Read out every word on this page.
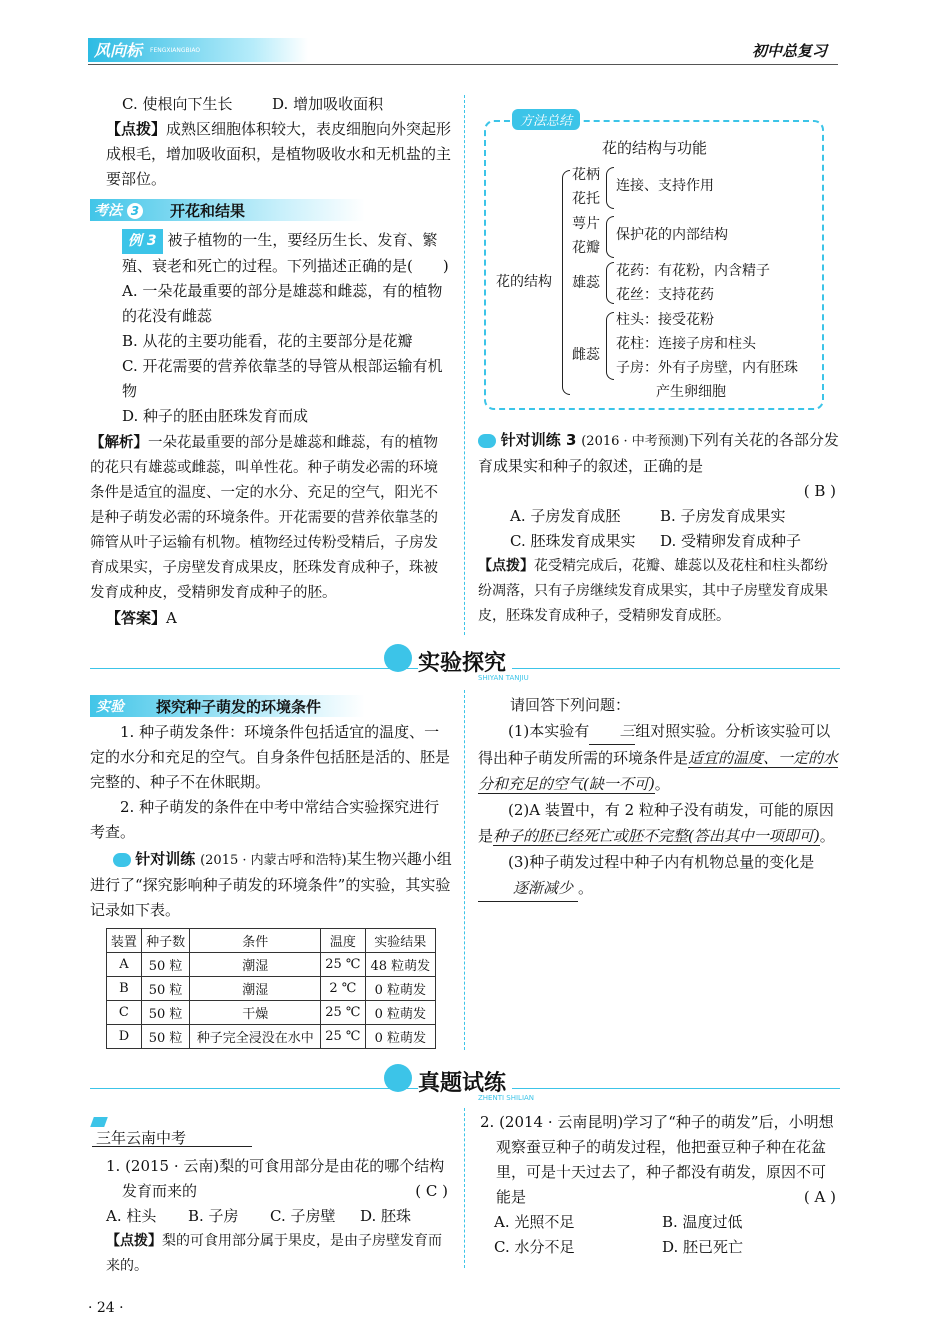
风向标 FENGXIANGBIAO	初中总复习
C. 使根向下生长	D. 增加吸收面积
【点拨】成熟区细胞体积较大，表皮细胞向外突起形成根毛，增加吸收面积，是植物吸收水和无机盐的主要部位。
考法 3 开花和结果
例 3 被子植物的一生，要经历生长、发育、繁殖、衰老和死亡的过程。下列描述正确的是(　　)
A. 一朵花最重要的部分是雄蕊和雌蕊，有的植物的花没有雌蕊
B. 从花的主要功能看，花的主要部分是花瓣
C. 开花需要的营养依靠茎的导管从根部运输有机物
D. 种子的胚由胚珠发育而成
【解析】一朵花最重要的部分是雄蕊和雌蕊，有的植物的花只有雄蕊或雌蕊，叫单性花。种子萌发必需的环境条件是适宜的温度、一定的水分、充足的空气，阳光不是种子萌发必需的环境条件。开花需要的营养依靠茎的筛管从叶子运输有机物。植物经过传粉受精后，子房发育成果实，子房壁发育成果皮，胚珠发育成种子，珠被发育成种皮，受精卵发育成种子的胚。
【答案】A
方法总结
花的结构与功能
花的结构
花柄
花托
连接、支持作用
萼片
花瓣
保护花的内部结构
雄蕊
花药：有花粉，内含精子
花丝：支持花药
雌蕊
柱头：接受花粉
花柱：连接子房和柱头
子房：外有子房壁，内有胚珠
产生卵细胞
针对训练 3 (2016 · 中考预测)下列有关花的各部分发育成果实和种子的叙述，正确的是
( B )
A. 子房发育成胚	B. 子房发育成果实
C. 胚珠发育成果实 D. 受精卵发育成种子
【点拨】花受精完成后，花瓣、雄蕊以及花柱和柱头都纷纷凋落，只有子房继续发育成果实，其中子房壁发育成果皮，胚珠发育成种子，受精卵发育成胚。
实验探究
SHIYAN TANJIU
实验 探究种子萌发的环境条件
1. 种子萌发条件：环境条件包括适宜的温度、一定的水分和充足的空气。自身条件包括胚是活的、胚是完整的、种子不在休眠期。
2. 种子萌发的条件在中考中常结合实验探究进行考查。
针对训练 (2015 · 内蒙古呼和浩特)某生物兴趣小组进行了“探究影响种子萌发的环境条件”的实验，其实验记录如下表。
装置	种子数	条件	温度	实验结果
A	50 粒	潮湿	25 ℃	48 粒萌发
B	50 粒	潮湿	2 ℃	0 粒萌发
C	50 粒	干燥	25 ℃	0 粒萌发
D	50 粒	种子完全浸没在水中	25 ℃	0 粒萌发
请回答下列问题：
(1)本实验有 三组对照实验。分析该实验可以得出种子萌发所需的环境条件是适宜的温度、一定的水分和充足的空气(缺一不可)。
(2)A 装置中，有 2 粒种子没有萌发，可能的原因是种子的胚已经死亡或胚不完整(答出其中一项即可)。
(3)种子萌发过程中种子内有机物总量的变化是逐渐减少 。
真题试练
ZHENTI SHILIAN
三年云南中考
1. (2015 · 云南)梨的可食用部分是由花的哪个结构发育而来的	( C )
A. 柱头 B. 子房 C. 子房壁 D. 胚珠
【点拨】梨的可食用部分属于果皮，是由子房壁发育而来的。
2. (2014 · 云南昆明)学习了“种子的萌发”后，小明想观察蚕豆种子的萌发过程，他把蚕豆种子种在花盆里，可是十天过去了，种子都没有萌发，原因不可能是	( A )
A. 光照不足	B. 温度过低
C. 水分不足	D. 胚已死亡
· 24 ·
